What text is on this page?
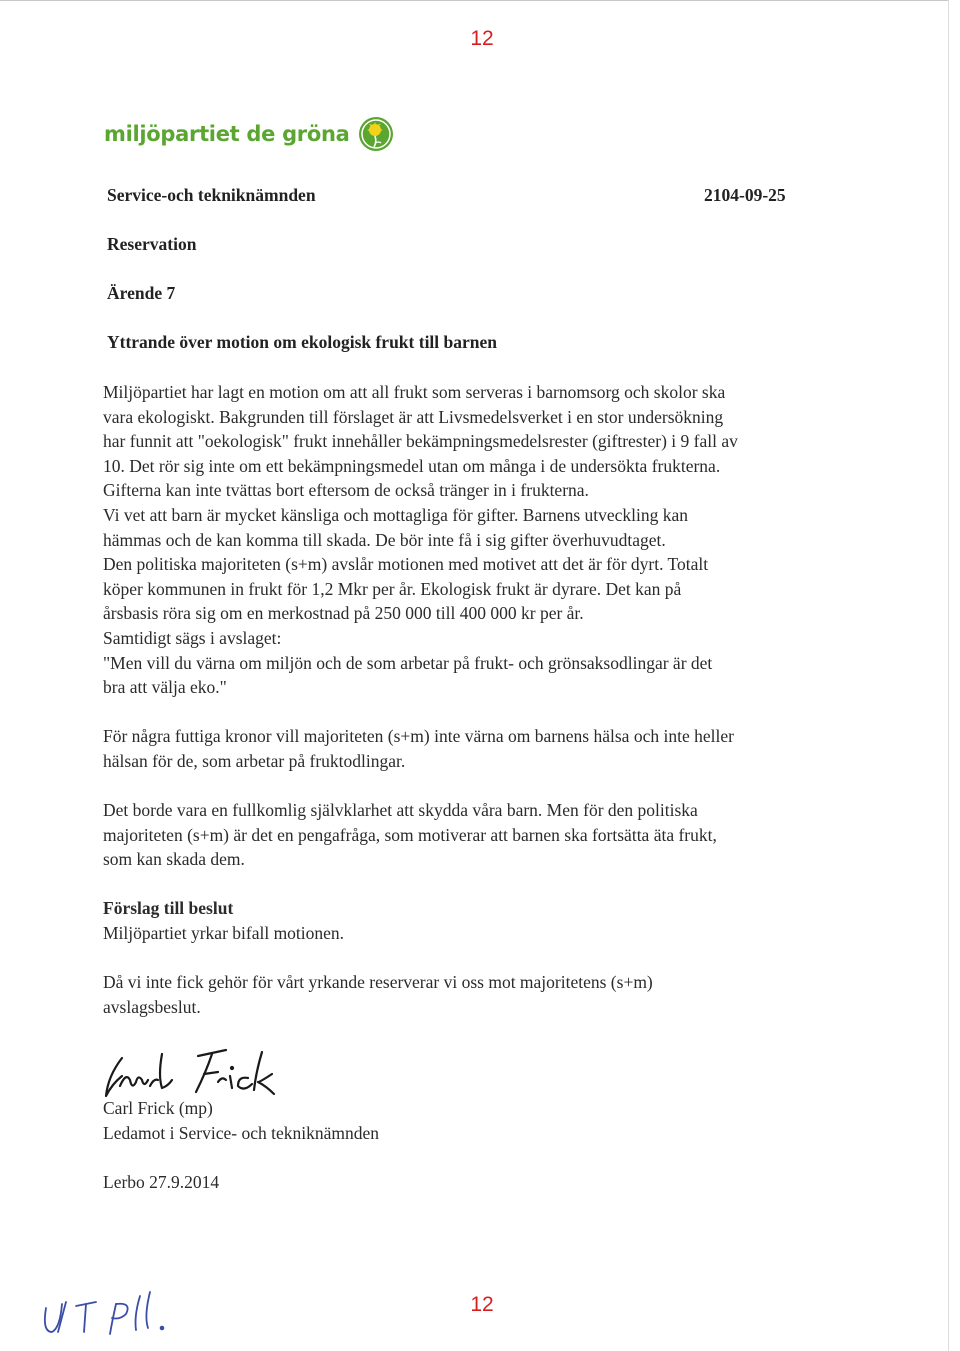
12
miljöpartiet de gröna
Service-och tekniknämnden	2104-09-25
Reservation
Ärende 7
Yttrande över motion om ekologisk frukt till barnen

Miljöpartiet har lagt en motion om att all frukt som serveras i barnomsorg och skolor ska

vara ekologiskt. Bakgrunden till förslaget är att Livsmedelsverket i en stor undersökning

har funnit att "oekologisk" frukt innehåller bekämpningsmedelsrester (giftrester) i 9 fall av

10. Det rör sig inte om ett bekämpningsmedel utan om många i de undersökta frukterna.

Gifterna kan inte tvättas bort eftersom de också tränger in i frukterna.

Vi vet att barn är mycket känsliga och mottagliga för gifter. Barnens utveckling kan

hämmas och de kan komma till skada. De bör inte få i sig gifter överhuvudtaget.

Den politiska majoriteten (s+m) avslår motionen med motivet att det är för dyrt. Totalt

köper kommunen in frukt för 1,2 Mkr per år. Ekologisk frukt är dyrare. Det kan på

årsbasis röra sig om en merkostnad på 250 000 till 400 000 kr per år.

Samtidigt sägs i avslaget:

"Men vill du värna om miljön och de som arbetar på frukt- och grönsaksodlingar är det

bra att välja eko."

För några futtiga kronor vill majoriteten (s+m) inte värna om barnens hälsa och inte heller

hälsan för de, som arbetar på fruktodlingar.

Det borde vara en fullkomlig självklarhet att skydda våra barn. Men för den politiska

majoriteten (s+m) är det en pengafråga, som motiverar att barnen ska fortsätta äta frukt,

som kan skada dem.

Förslag till beslut

Miljöpartiet yrkar bifall motionen.

Då vi inte fick gehör för vårt yrkande reserverar vi oss mot majoritetens (s+m)

avslagsbeslut.

Carl Frick (mp)

Ledamot i Service- och tekniknämnden

Lerbo 27.9.2014

12
